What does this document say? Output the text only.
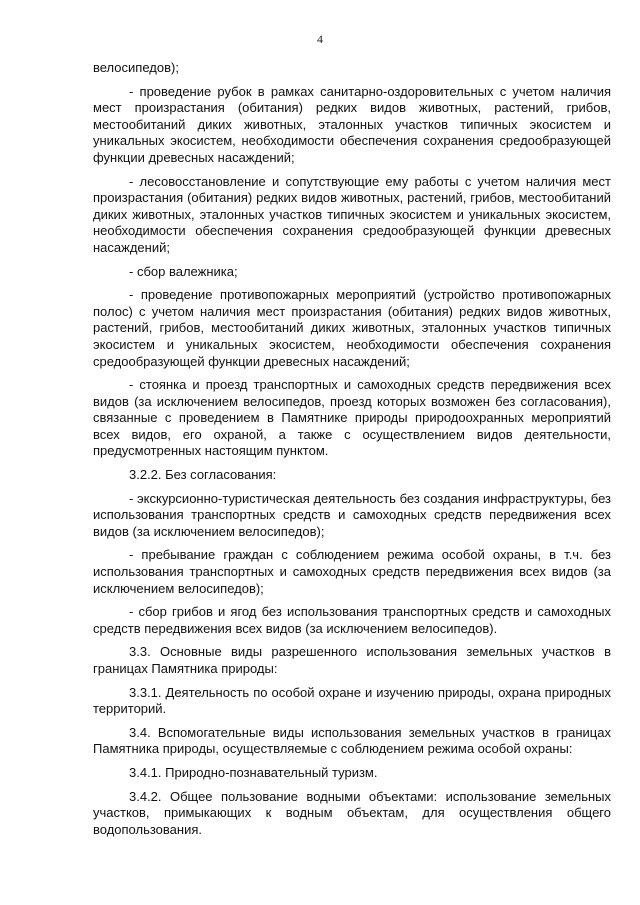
4

велосипедов);

- проведение рубок в рамках санитарно-оздоровительных с учетом наличия мест произрастания (обитания) редких видов животных, растений, грибов, местообитаний диких животных, эталонных участков типичных экосистем и уникальных экосистем, необходимости обеспечения сохранения средообразующей функции древесных насаждений;

- лесовосстановление и сопутствующие ему работы с учетом наличия мест произрастания (обитания) редких видов животных, растений, грибов, местообитаний диких животных, эталонных участков типичных экосистем и уникальных экосистем, необходимости обеспечения сохранения средообразующей функции древесных насаждений;

- сбор валежника;

- проведение противопожарных мероприятий (устройство противопожарных полос) с учетом наличия мест произрастания (обитания) редких видов животных, растений, грибов, местообитаний диких животных, эталонных участков типичных экосистем и уникальных экосистем, необходимости обеспечения сохранения средообразующей функции древесных насаждений;

- стоянка и проезд транспортных и самоходных средств передвижения всех видов (за исключением велосипедов, проезд которых возможен без согласования), связанные с проведением в Памятнике природы природоохранных мероприятий всех видов, его охраной, а также с осуществлением видов деятельности, предусмотренных настоящим пунктом.

3.2.2. Без согласования:

- экскурсионно-туристическая деятельность без создания инфраструктуры, без использования транспортных средств и самоходных средств передвижения всех видов (за исключением велосипедов);

- пребывание граждан с соблюдением режима особой охраны, в т.ч. без использования транспортных и самоходных средств передвижения всех видов (за исключением велосипедов);

- сбор грибов и ягод без использования транспортных средств и самоходных средств передвижения всех видов (за исключением велосипедов).

3.3. Основные виды разрешенного использования земельных участков в границах Памятника природы:

3.3.1. Деятельность по особой охране и изучению природы, охрана природных территорий.

3.4. Вспомогательные виды использования земельных участков в границах Памятника природы, осуществляемые с соблюдением режима особой охраны:

3.4.1. Природно-познавательный туризм.

3.4.2. Общее пользование водными объектами: использование земельных участков, примыкающих к водным объектам, для осуществления общего водопользования.
